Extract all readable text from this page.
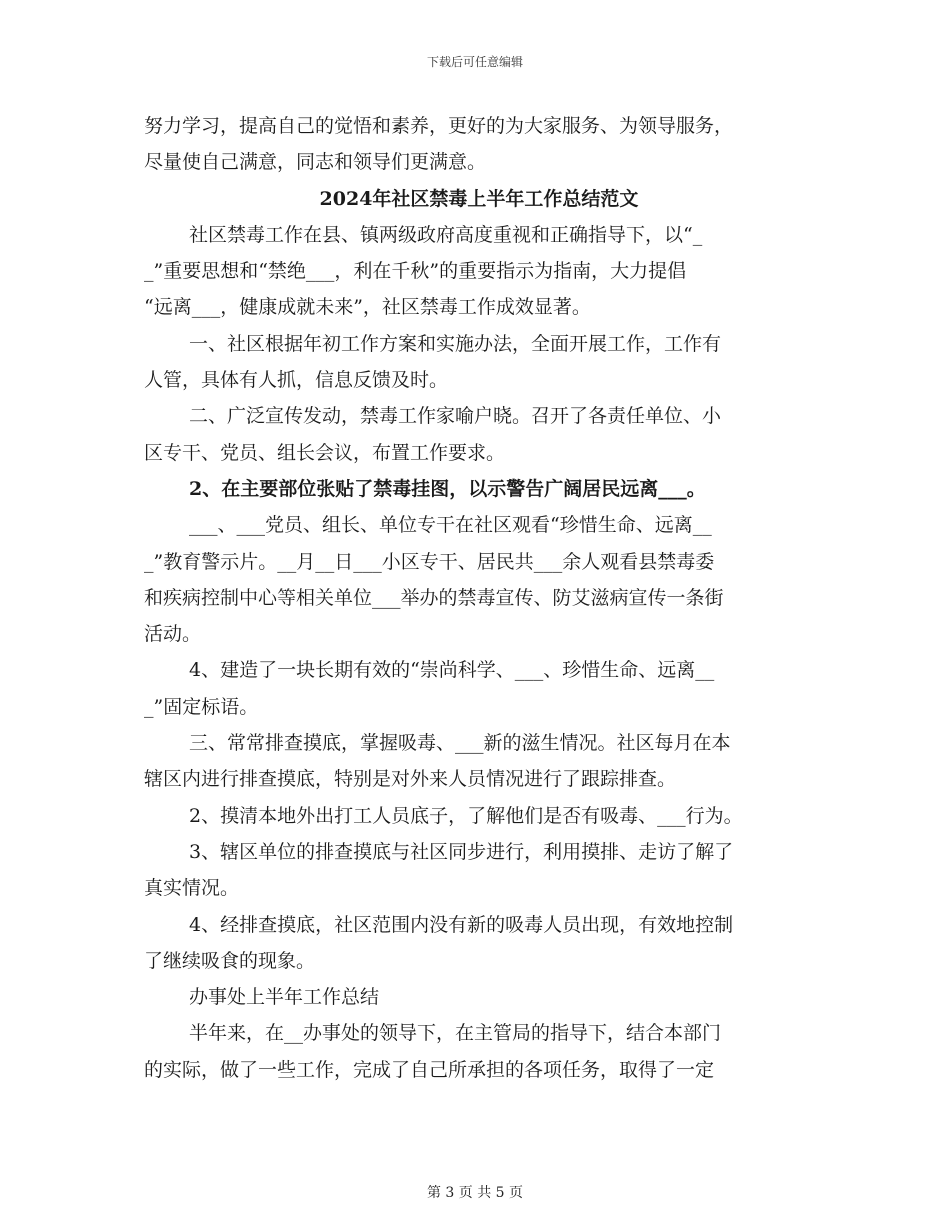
下载后可任意编辑
努力学习，提高自己的觉悟和素养，更好的为大家服务、为领导服务，
尽量使自己满意，同志和领导们更满意。
2024年社区禁毒上半年工作总结范文
社区禁毒工作在县、镇两级政府高度重视和正确指导下，以“_
_”重要思想和“禁绝___，利在千秋”的重要指示为指南，大力提倡
“远离___，健康成就未来”，社区禁毒工作成效显著。
一、社区根据年初工作方案和实施办法，全面开展工作，工作有
人管，具体有人抓，信息反馈及时。
二、广泛宣传发动，禁毒工作家喻户晓。召开了各责任单位、小
区专干、党员、组长会议，布置工作要求。
2、在主要部位张贴了禁毒挂图，以示警告广阔居民远离___。
___、___党员、组长、单位专干在社区观看“珍惜生命、远离__
_”教育警示片。__月__日___小区专干、居民共___余人观看县禁毒委
和疾病控制中心等相关单位___举办的禁毒宣传、防艾滋病宣传一条街
活动。
4、建造了一块长期有效的“崇尚科学、___、珍惜生命、远离__
_”固定标语。
三、常常排查摸底，掌握吸毒、___新的滋生情况。社区每月在本
辖区内进行排查摸底，特别是对外来人员情况进行了跟踪排查。
2、摸清本地外出打工人员底子，了解他们是否有吸毒、___行为。
3、辖区单位的排查摸底与社区同步进行，利用摸排、走访了解了
真实情况。
4、经排查摸底，社区范围内没有新的吸毒人员出现，有效地控制
了继续吸食的现象。
办事处上半年工作总结
半年来，在__办事处的领导下，在主管局的指导下，结合本部门
的实际，做了一些工作，完成了自己所承担的各项任务，取得了一定
第 3 页 共 5 页
